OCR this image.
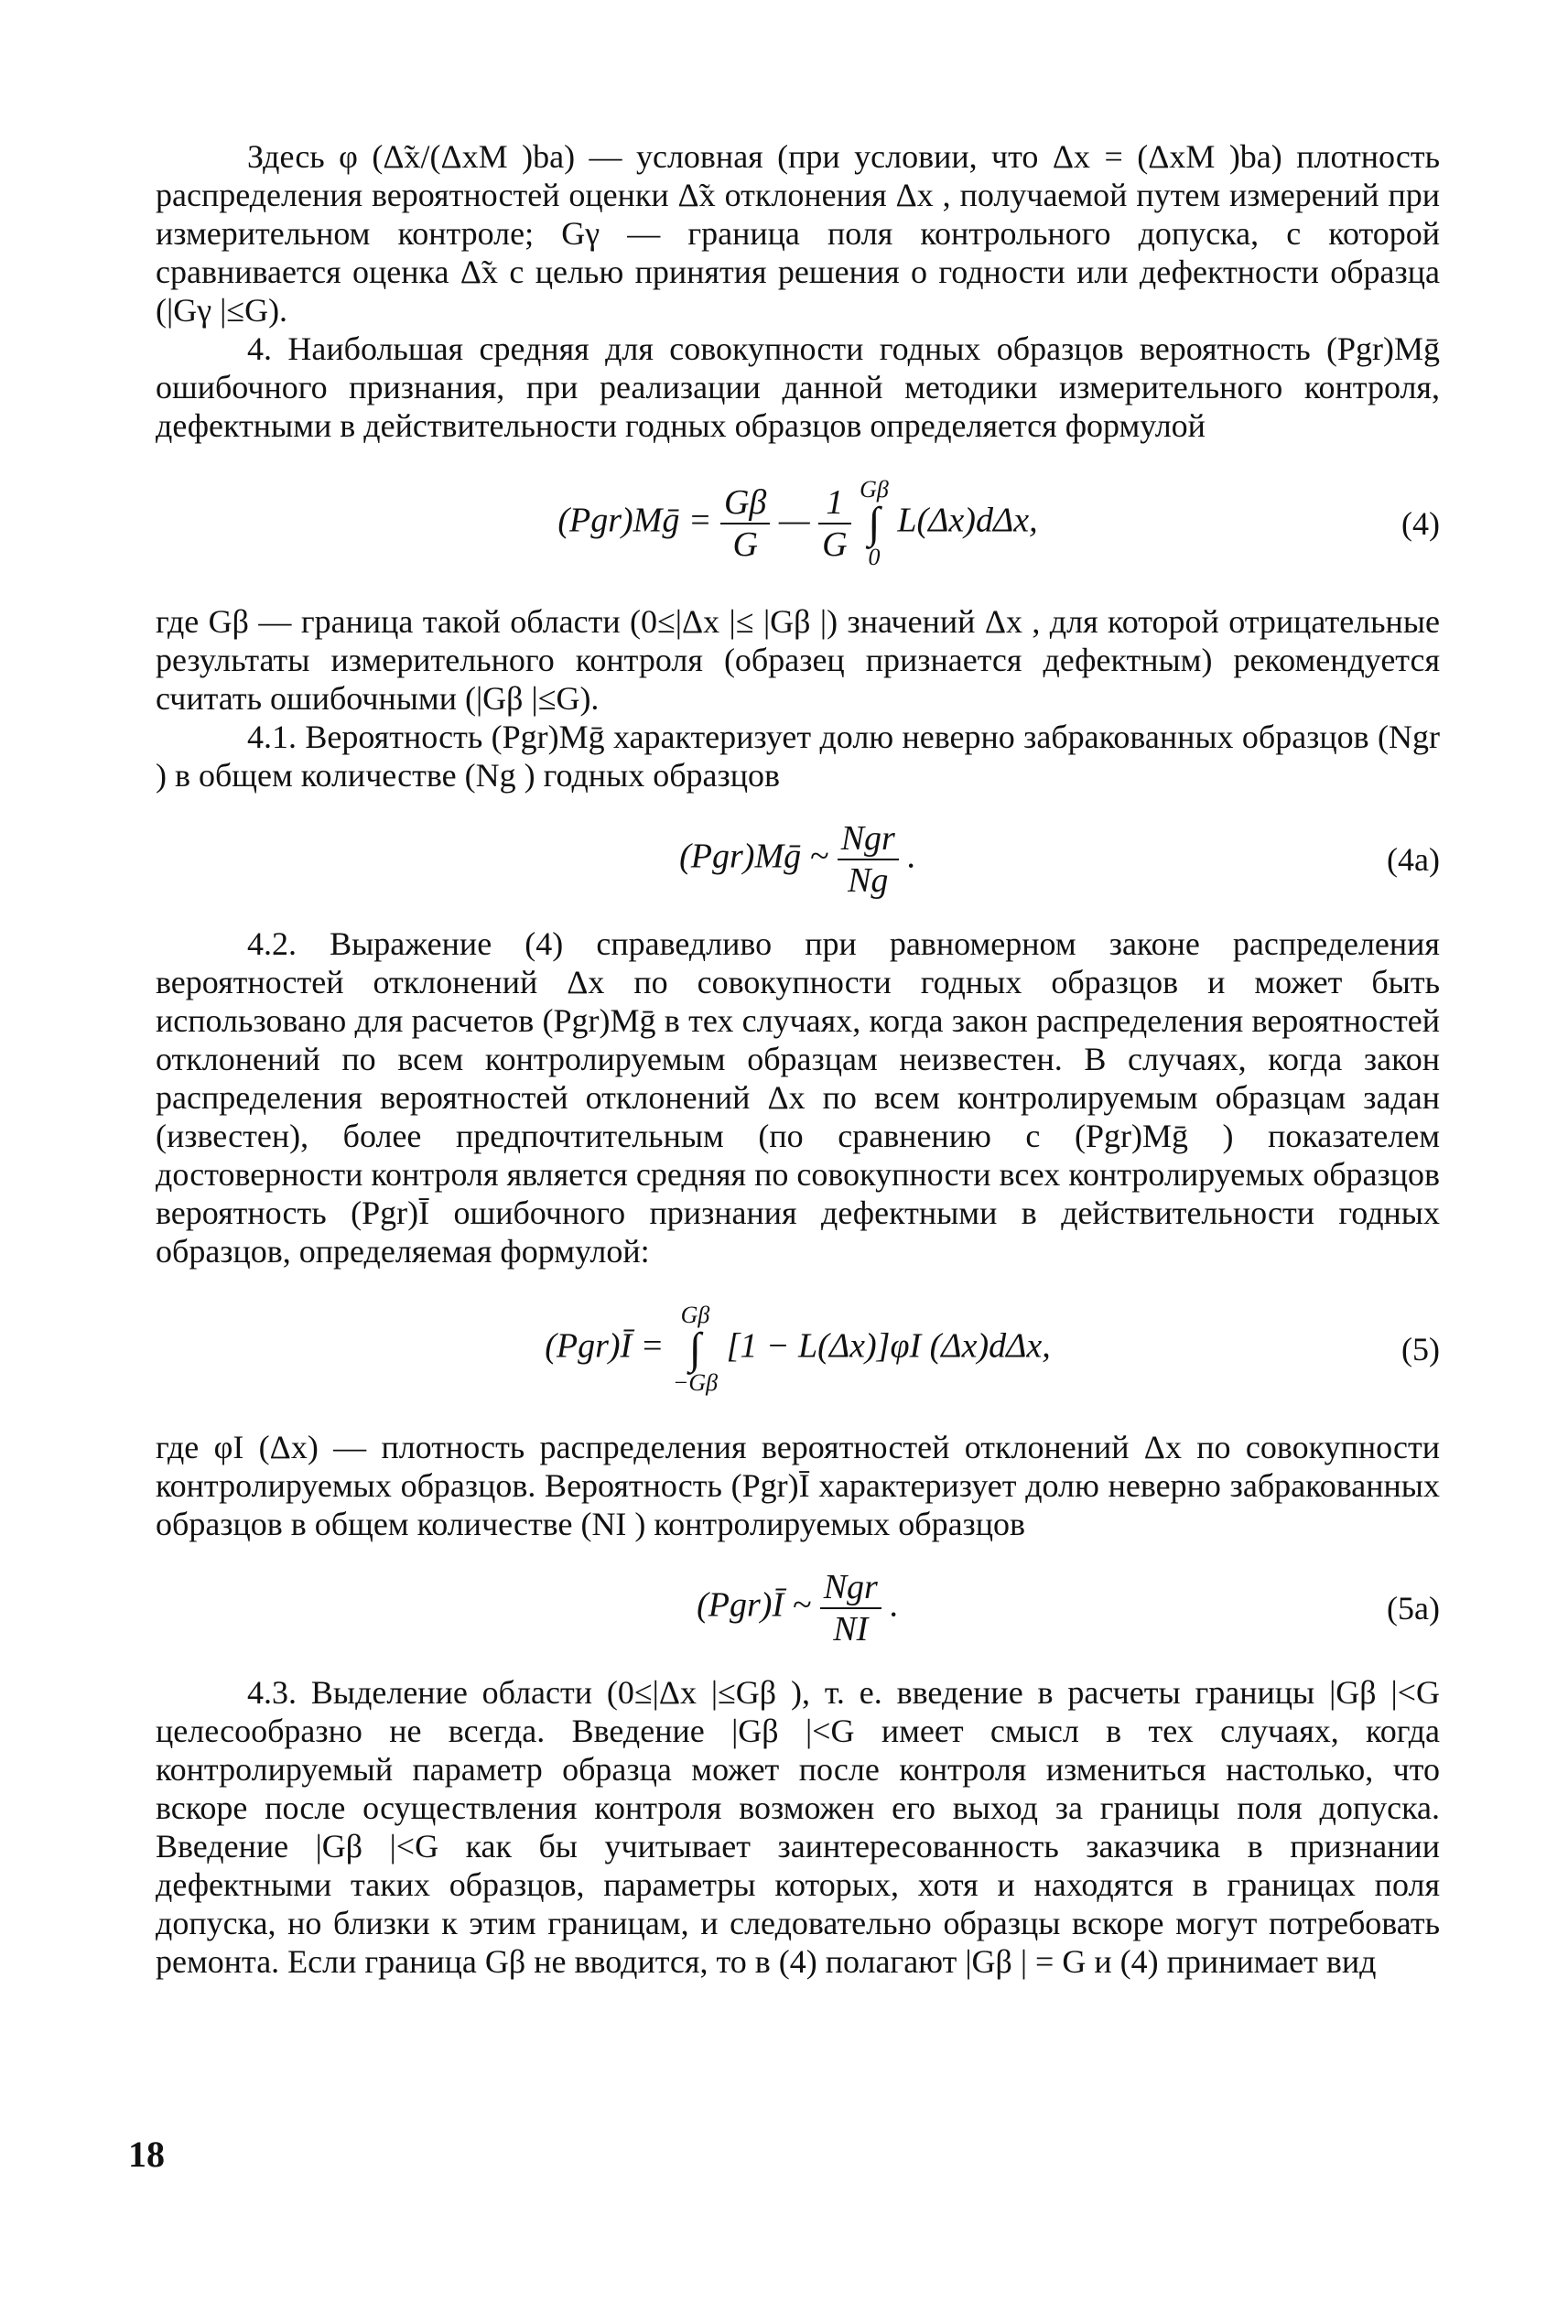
Здесь φ (Δ̃x/(ΔxM )ba) — условная (при условии, что Δx = (ΔxM )ba) плотность распределения вероятностей оценки Δ̃x отклонения Δx , получаемой путем измерений при измерительном контроле; Gγ — граница поля контрольного допуска, с которой сравнивается оценка Δ̃x с целью принятия решения о годности или дефектности образца (|Gγ |≤G).

4. Наибольшая средняя для совокупности годных образцов вероятность (Pgr)Mḡ ошибочного признания, при реализации данной методики измерительного контроля, дефектными в действительности годных образцов определяется формулой

(Pgr)Mḡ = $\frac{G\beta}{G}$ — $\frac{1}{G}$
Gβ
∫
0
L(Δx)dΔx,	(4)

где Gβ — граница такой области (0≤|Δx |≤ |Gβ |) значений Δx , для которой отрицательные результаты измерительного контроля (образец признается дефектным) рекомендуется считать ошибочными (|Gβ |≤G).

4.1. Вероятность (Pgr)Mḡ характеризует долю неверно забракованных образцов (Ngr ) в общем количестве (Ng ) годных образцов

(Pgr)Mḡ ~ $\frac{\text{Ngr}}{Ng}$ .	(4a)

4.2. Выражение (4) справедливо при равномерном законе распределения вероятностей отклонений Δx по совокупности годных образцов и может быть использовано для расчетов (Pgr)Mḡ в тех случаях, когда закон распределения вероятностей отклонений по всем контролируемым образцам неизвестен. В случаях, когда закон распределения вероятностей отклонений Δx по всем контролируемым образцам задан (известен), более предпочтительным (по сравнению с (Pgr)Mḡ ) показателем достоверности контроля является средняя по совокупности всех контролируемых образцов вероятность (Pgr)Ī ошибочного признания дефектными в действительности годных образцов, определяемая формулой:

(Pgr)Ī =
Gβ
∫
−Gβ
[1 − L(Δx)]φI (Δx)dΔx,	(5)

где φI (Δx) — плотность распределения вероятностей отклонений Δx по совокупности контролируемых образцов. Вероятность (Pgr)Ī характеризует долю неверно забракованных образцов в общем количестве (NI ) контролируемых образцов

(Pgr)Ī ~ $\frac{\text{Ngr}}{NI}$ .	(5a)

4.3. Выделение области (0≤|Δx |≤Gβ ), т. е. введение в расчеты границы |Gβ |<G целесообразно не всегда. Введение |Gβ |<G имеет смысл в тех случаях, когда контролируемый параметр образца может после контроля измениться настолько, что вскоре после осуществления контроля возможен его выход за границы поля допуска. Введение |Gβ |<G как бы учитывает заинтересованность заказчика в признании дефектными таких образцов, параметры которых, хотя и находятся в границах поля допуска, но близки к этим границам, и следовательно образцы вскоре могут потребовать ремонта. Если граница Gβ не вводится, то в (4) полагают |Gβ | = G и (4) принимает вид

18
